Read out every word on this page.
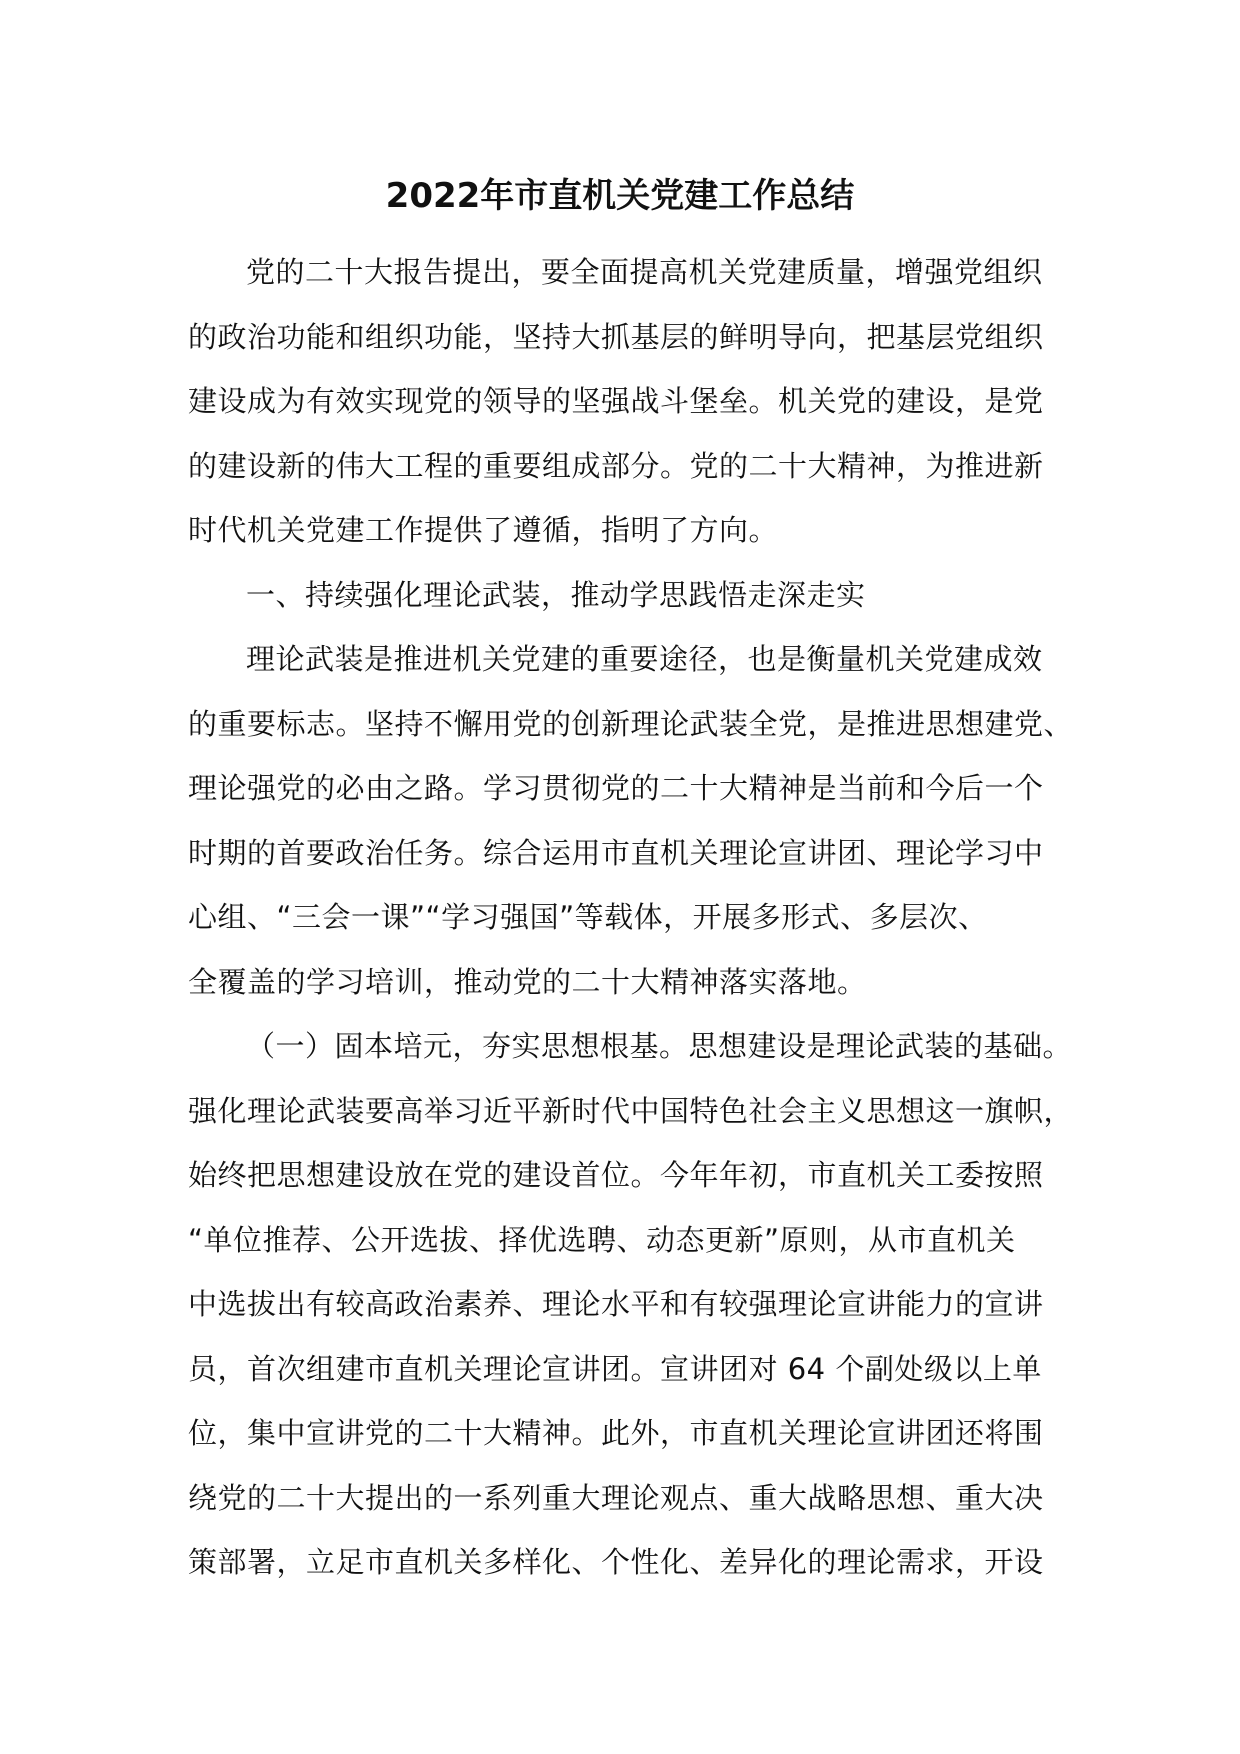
2022年市直机关党建工作总结
党的二十大报告提出，要全面提高机关党建质量，增强党组织
的政治功能和组织功能，坚持大抓基层的鲜明导向，把基层党组织
建设成为有效实现党的领导的坚强战斗堡垒。机关党的建设，是党
的建设新的伟大工程的重要组成部分。党的二十大精神，为推进新
时代机关党建工作提供了遵循，指明了方向。
一、持续强化理论武装，推动学思践悟走深走实
理论武装是推进机关党建的重要途径，也是衡量机关党建成效
的重要标志。坚持不懈用党的创新理论武装全党，是推进思想建党、
理论强党的必由之路。学习贯彻党的二十大精神是当前和今后一个
时期的首要政治任务。综合运用市直机关理论宣讲团、理论学习中
心组、“三会一课”“学习强国”等载体，开展多形式、多层次、
全覆盖的学习培训，推动党的二十大精神落实落地。
（一）固本培元，夯实思想根基。思想建设是理论武装的基础。
强化理论武装要高举习近平新时代中国特色社会主义思想这一旗帜，
始终把思想建设放在党的建设首位。今年年初，市直机关工委按照
“单位推荐、公开选拔、择优选聘、动态更新”原则，从市直机关
中选拔出有较高政治素养、理论水平和有较强理论宣讲能力的宣讲
员，首次组建市直机关理论宣讲团。宣讲团对 64 个副处级以上单
位，集中宣讲党的二十大精神。此外，市直机关理论宣讲团还将围
绕党的二十大提出的一系列重大理论观点、重大战略思想、重大决
策部署，立足市直机关多样化、个性化、差异化的理论需求，开设
